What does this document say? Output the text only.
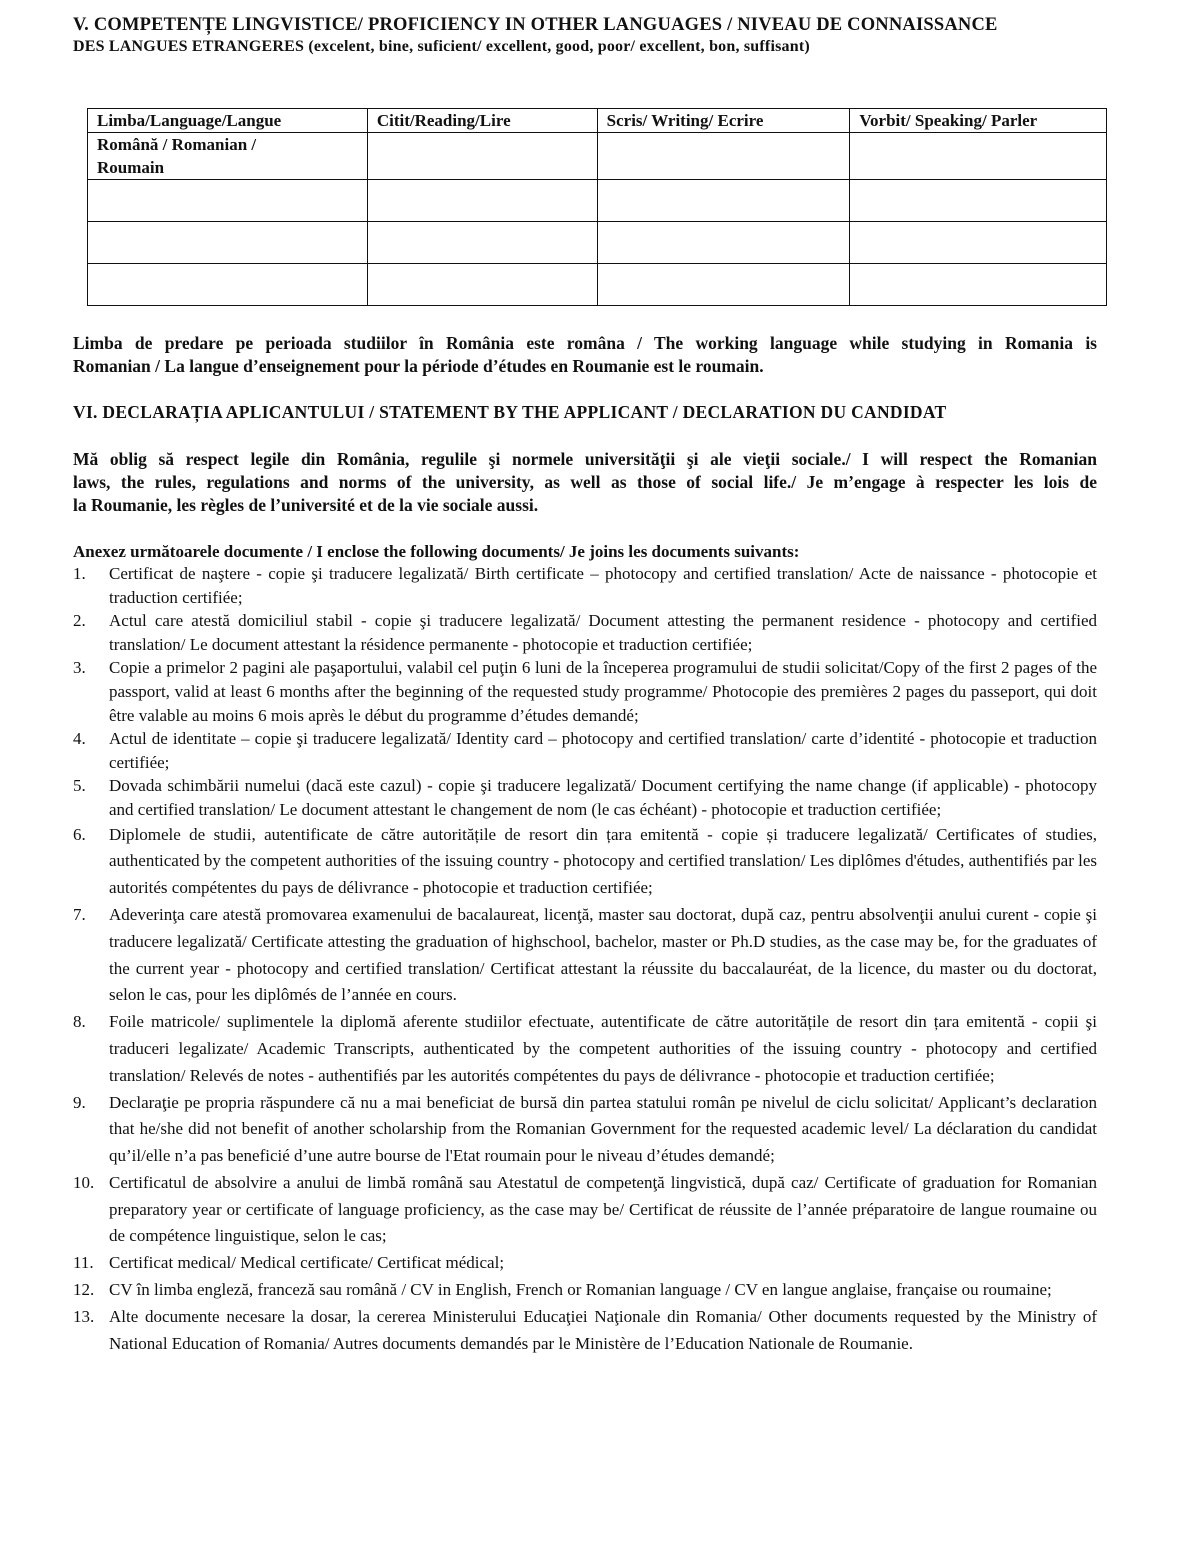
V. COMPETENȚE LINGVISTICE/ PROFICIENCY IN OTHER LANGUAGES / NIVEAU DE CONNAISSANCE
DES LANGUES ETRANGERES (excelent, bine, suficient/ excellent, good, poor/ excellent, bon, suffisant)
Limba/Language/Langue	Citit/Reading/Lire	Scris/ Writing/ Ecrire	Vorbit/ Speaking/ Parler
Română / Romanian / Roumain			

Limba de predare pe perioada studiilor în România este româna / The working language while studying in Romania is
Romanian / La langue d’enseignement pour la période d’études en Roumanie est le roumain.
VI. DECLARAȚIA APLICANTULUI / STATEMENT BY THE APPLICANT / DECLARATION DU CANDIDAT
Mă oblig să respect legile din România, regulile şi normele universităţii şi ale vieţii sociale./ I will respect the Romanian
laws, the rules, regulations and norms of the university, as well as those of social life./ Je m’engage à respecter les lois de
la Roumanie, les règles de l’université et de la vie sociale aussi.
Anexez următoarele documente / I enclose the following documents/ Je joins les documents suivants:
1. Certificat de naştere - copie şi traducere legalizată/ Birth certificate – photocopy and certified translation/ Acte de naissance - photocopie et traduction certifiée;
2. Actul care atestă domiciliul stabil - copie şi traducere legalizată/ Document attesting the permanent residence - photocopy and certified translation/ Le document attestant la résidence permanente - photocopie et traduction certifiée;
3. Copie a primelor 2 pagini ale paşaportului, valabil cel puţin 6 luni de la începerea programului de studii solicitat/Copy of the first 2 pages of the passport, valid at least 6 months after the beginning of the requested study programme/ Photocopie des premières 2 pages du passeport, qui doit être valable au moins 6 mois après le début du programme d’études demandé;
4. Actul de identitate – copie şi traducere legalizată/ Identity card – photocopy and certified translation/ carte d’identité - photocopie et traduction certifiée;
5. Dovada schimbării numelui (dacă este cazul) - copie şi traducere legalizată/ Document certifying the name change (if applicable) - photocopy and certified translation/ Le document attestant le changement de nom (le cas échéant) - photocopie et traduction certifiée;
6. Diplomele de studii, autentificate de către autoritățile de resort din țara emitentă - copie și traducere legalizată/ Certificates of studies, authenticated by the competent authorities of the issuing country - photocopy and certified translation/ Les diplômes d'études, authentifiés par les autorités compétentes du pays de délivrance - photocopie et traduction certifiée;
7. Adeverinţa care atestă promovarea examenului de bacalaureat, licenţă, master sau doctorat, după caz, pentru absolvenţii anului curent - copie şi traducere legalizată/ Certificate attesting the graduation of highschool, bachelor, master or Ph.D studies, as the case may be, for the graduates of the current year - photocopy and certified translation/ Certificat attestant la réussite du baccalauréat, de la licence, du master ou du doctorat, selon le cas, pour les diplômés de l’année en cours.
8. Foile matricole/ suplimentele la diplomă aferente studiilor efectuate, autentificate de către autoritățile de resort din țara emitentă - copii şi traduceri legalizate/ Academic Transcripts, authenticated by the competent authorities of the issuing country - photocopy and certified translation/ Relevés de notes - authentifiés par les autorités compétentes du pays de délivrance - photocopie et traduction certifiée;
9. Declaraţie pe propria răspundere că nu a mai beneficiat de bursă din partea statului român pe nivelul de ciclu solicitat/ Applicant’s declaration that he/she did not benefit of another scholarship from the Romanian Government for the requested academic level/ La déclaration du candidat qu’il/elle n’a pas beneficié d’une autre bourse de l'Etat roumain pour le niveau d’études demandé;
10. Certificatul de absolvire a anului de limbă română sau Atestatul de competenţă lingvistică, după caz/ Certificate of graduation for Romanian preparatory year or certificate of language proficiency, as the case may be/ Certificat de réussite de l’année préparatoire de langue roumaine ou de compétence linguistique, selon le cas;
11. Certificat medical/ Medical certificate/ Certificat médical;
12. CV în limba engleză, franceză sau română / CV in English, French or Romanian language / CV en langue anglaise, française ou roumaine;
13. Alte documente necesare la dosar, la cererea Ministerului Educaţiei Naţionale din Romania/ Other documents requested by the Ministry of National Education of Romania/ Autres documents demandés par le Ministère de l’Education Nationale de Roumanie.
